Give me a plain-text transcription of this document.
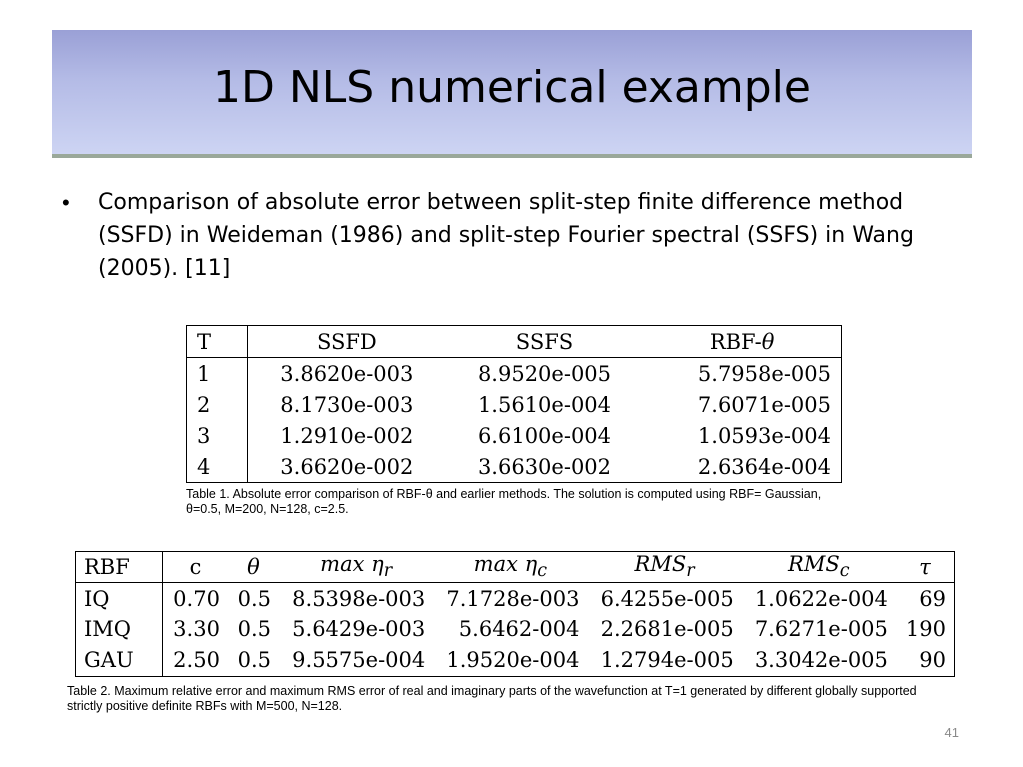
1D NLS numerical example
• Comparison of absolute error between split-step finite difference method (SSFD) in Weideman (1986) and split-step Fourier spectral (SSFS) in Wang (2005). [11]
T	SSFD	SSFS	RBF-θ
1	3.8620e-003	8.9520e-005	5.7958e-005
2	8.1730e-003	1.5610e-004	7.6071e-005
3	1.2910e-002	6.6100e-004	1.0593e-004
4	3.6620e-002	3.6630e-002	2.6364e-004
Table 1. Absolute error comparison of RBF-θ and earlier methods. The solution is computed using RBF= Gaussian, θ=0.5, M=200, N=128, c=2.5.
RBF	c	θ	$\max \eta_r$	$\max \eta_c$	$RMS_r$	$RMS_c$	τ
IQ	0.70	0.5	8.5398e-003	7.1728e-003	6.4255e-005	1.0622e-004	69
IMQ	3.30	0.5	5.6429e-003	5.6462-004	2.2681e-005	7.6271e-005	190
GAU	2.50	0.5	9.5575e-004	1.9520e-004	1.2794e-005	3.3042e-005	90
Table 2. Maximum relative error and maximum RMS error of real and imaginary parts of the wavefunction at T=1 generated by different globally supported strictly positive definite RBFs with M=500, N=128.
41
